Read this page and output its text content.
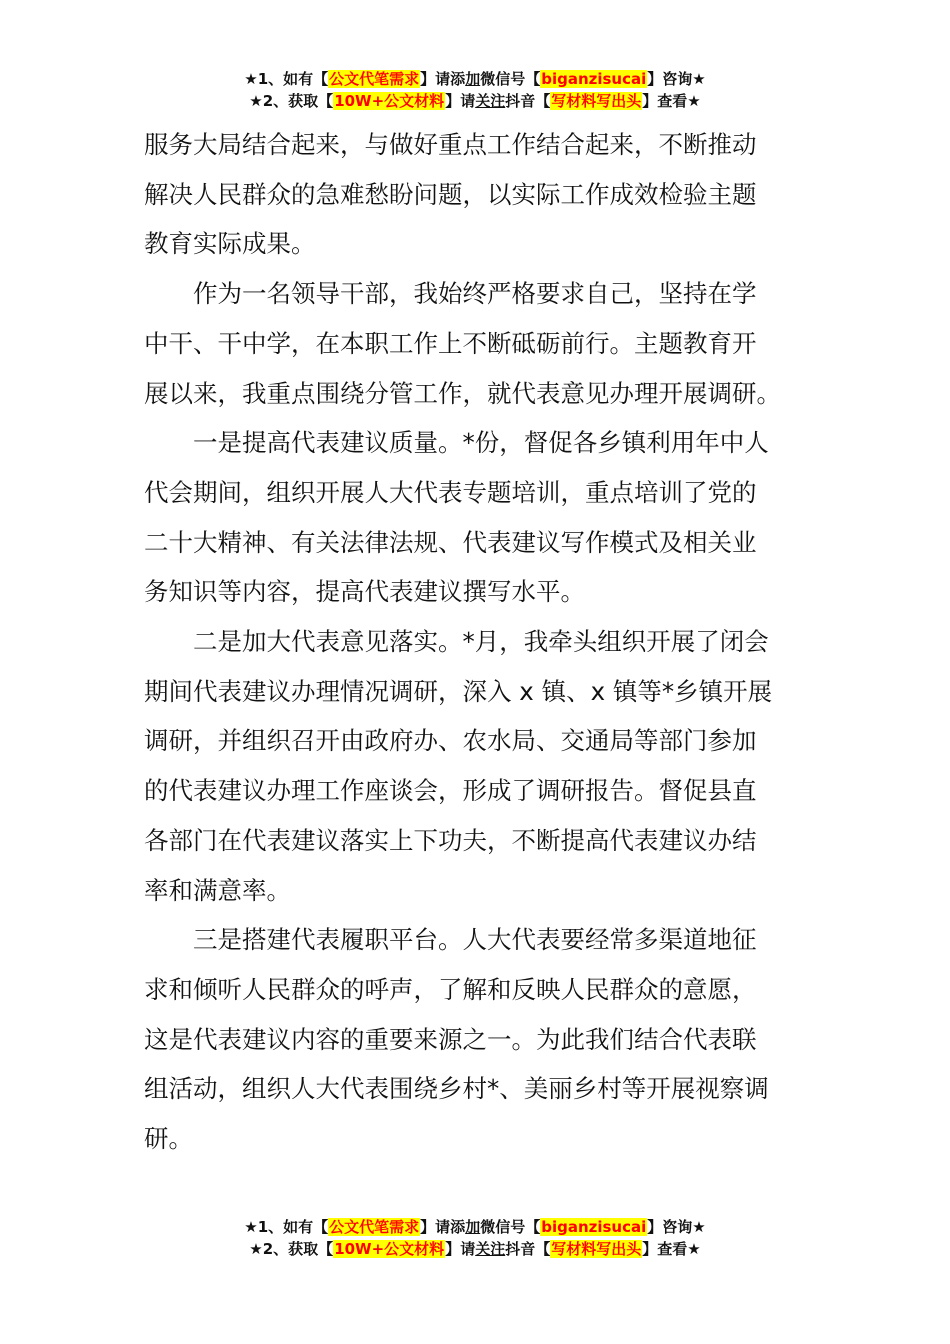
★1、如有【公文代笔需求】请添加微信号【biganzisucai】咨询★
★2、获取【10W+公文材料】请关注抖音【写材料写出头】查看★

服务大局结合起来，与做好重点工作结合起来，不断推动
解决人民群众的急难愁盼问题，以实际工作成效检验主题
教育实际成果。

作为一名领导干部，我始终严格要求自己，坚持在学
中干、干中学，在本职工作上不断砥砺前行。主题教育开
展以来，我重点围绕分管工作，就代表意见办理开展调研。

一是提高代表建议质量。*份，督促各乡镇利用年中人
代会期间，组织开展人大代表专题培训，重点培训了党的
二十大精神、有关法律法规、代表建议写作模式及相关业
务知识等内容，提高代表建议撰写水平。

二是加大代表意见落实。*月，我牵头组织开展了闭会
期间代表建议办理情况调研，深入 x 镇、x 镇等*乡镇开展
调研，并组织召开由政府办、农水局、交通局等部门参加
的代表建议办理工作座谈会，形成了调研报告。督促县直
各部门在代表建议落实上下功夫，不断提高代表建议办结
率和满意率。

三是搭建代表履职平台。人大代表要经常多渠道地征
求和倾听人民群众的呼声，了解和反映人民群众的意愿，
这是代表建议内容的重要来源之一。为此我们结合代表联
组活动，组织人大代表围绕乡村*、美丽乡村等开展视察调
研。

★1、如有【公文代笔需求】请添加微信号【biganzisucai】咨询★
★2、获取【10W+公文材料】请关注抖音【写材料写出头】查看★
